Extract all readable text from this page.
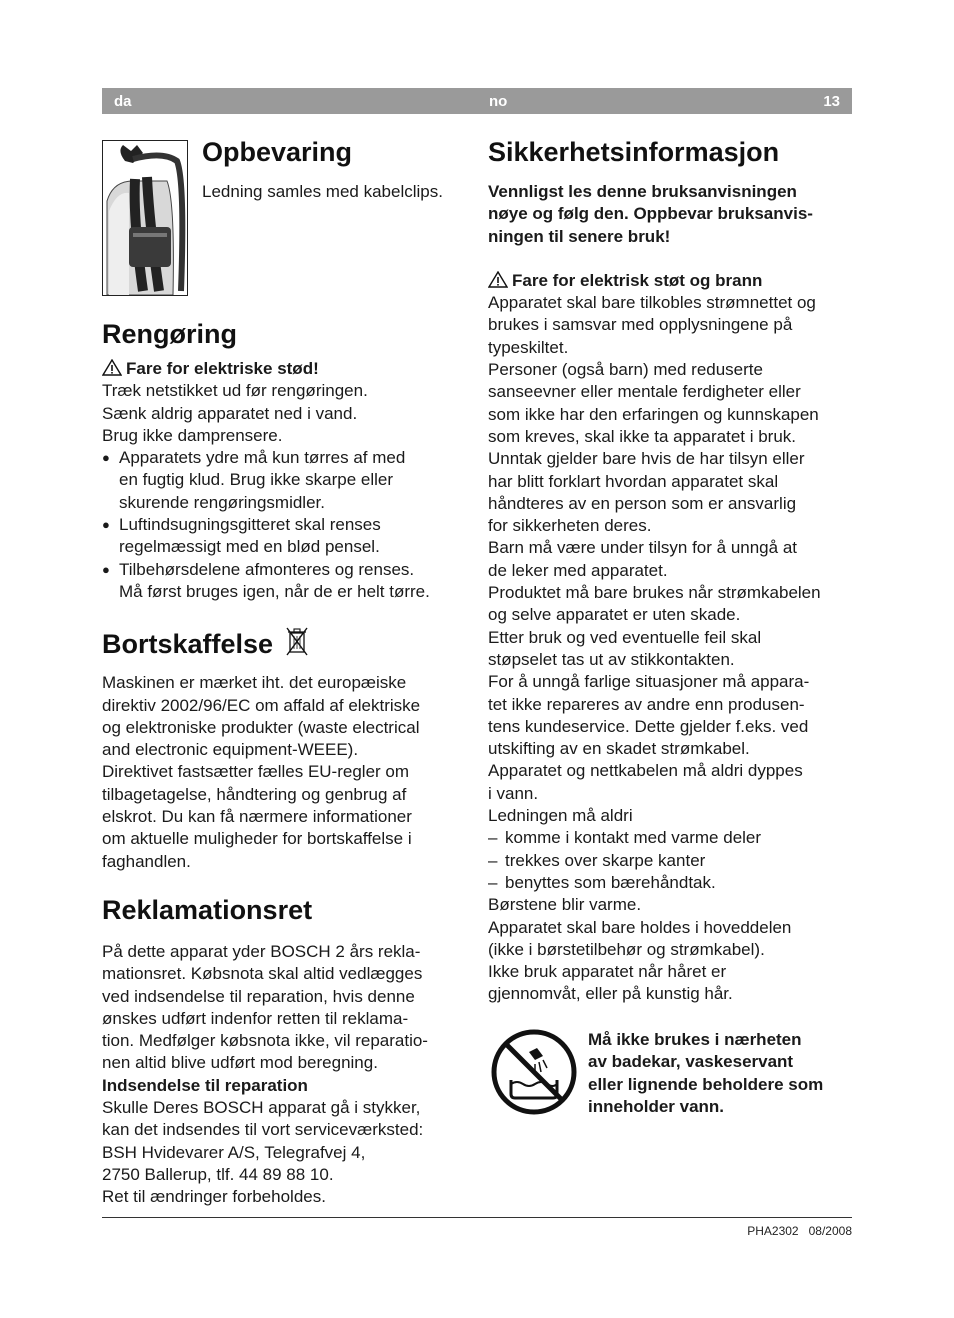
da	no	13
Opbevaring

Ledning samles med kabelclips.

Rengøring

Fare for elektriske stød!

Træk netstikket ud før rengøringen.

Sænk aldrig apparatet ned i vand.

Brug ikke damprensere.

● Apparatets ydre må kun tørres af med
en fugtig klud. Brug ikke skarpe eller
skurende rengøringsmidler.
● Luftindsugningsgitteret skal renses
regelmæssigt med en blød pensel.
● Tilbehørsdelene afmonteres og renses.
Må først bruges igen, når de er helt tørre.
Bortskaffelse

Maskinen er mærket iht. det europæiske

direktiv 2002/96/EC om affald af elektriske

og elektroniske produkter (waste electrical

and electronic equipment-WEEE).

Direktivet fastsætter fælles EU-regler om

tilbagetagelse, håndtering og genbrug af

elskrot. Du kan få nærmere informationer

om aktuelle muligheder for bortskaffelse i

faghandlen.

Reklamationsret

På dette apparat yder BOSCH 2 års rekla-

mationsret. Købsnota skal altid vedlægges

ved indsendelse til reparation, hvis denne

ønskes udført indenfor retten til reklama-

tion. Medfølger købsnota ikke, vil reparatio-

nen altid blive udført mod beregning.

Indsendelse til reparation

Skulle Deres BOSCH apparat gå i stykker,

kan det indsendes til vort serviceværksted:

BSH Hvidevarer A/S, Telegrafvej 4,

2750 Ballerup, tlf. 44 89 88 10.

Ret til ændringer forbeholdes.

Sikkerhetsinformasjon

Vennligst les denne bruksanvisningen

nøye og følg den. Oppbevar bruksanvis-

ningen til senere bruk!

Fare for elektrisk støt og brann

Apparatet skal bare tilkobles strømnettet og

brukes i samsvar med opplysningene på

typeskiltet.

Personer (også barn) med reduserte

sanseevner eller mentale ferdigheter eller

som ikke har den erfaringen og kunnskapen

som kreves, skal ikke ta apparatet i bruk.

Unntak gjelder bare hvis de har tilsyn eller

har blitt forklart hvordan apparatet skal

håndteres av en person som er ansvarlig

for sikkerheten deres.

Barn må være under tilsyn for å unngå at

de leker med apparatet.

Produktet må bare brukes når strømkabelen

og selve apparatet er uten skade.

Etter bruk og ved eventuelle feil skal

støpselet tas ut av stikkontakten.

For å unngå farlige situasjoner må appara-

tet ikke repareres av andre enn produsen-

tens kundeservice. Dette gjelder f.eks. ved

utskifting av en skadet strømkabel.

Apparatet og nettkabelen må aldri dyppes

i vann.

Ledningen må aldri

– komme i kontakt med varme deler
– trekkes over skarpe kanter
– benyttes som bærehåndtak.

Børstene blir varme.

Apparatet skal bare holdes i hoveddelen

(ikke i børstetilbehør og strømkabel).

Ikke bruk apparatet når håret er

gjennomvåt, eller på kunstig hår.

Må ikke brukes i nærheten

av badekar, vaskeservant

eller lignende beholdere som

inneholder vann.

PHA2302 08/2008
